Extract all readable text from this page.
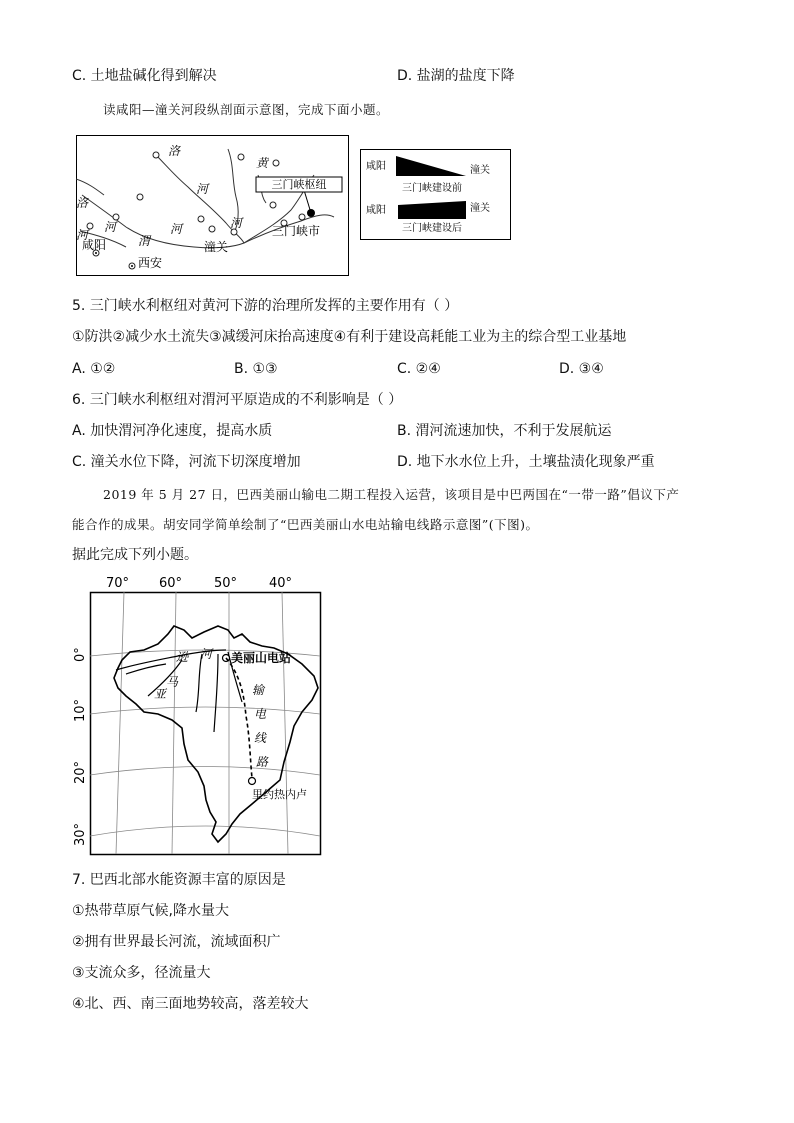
C. 土地盐碱化得到解决	D. 盐湖的盐度下降
读咸阳—潼关河段纵剖面示意图，完成下面小题。
三门峡枢纽
洛
黄
河
洛
河	河
渭
河
河
咸阳
西安
潼关
三门峡市
咸阳	潼关
三门峡建设前
咸阳	潼关
三门峡建设后
5. 三门峡水利枢纽对黄河下游的治理所发挥的主要作用有（ ）
①防洪②减少水土流失③减缓河床抬高速度④有利于建设高耗能工业为主的综合型工业基地
A. ①②	B. ①③	C. ②④	D. ③④
6. 三门峡水利枢纽对渭河平原造成的不利影响是（ ）
A. 加快渭河净化速度，提高水质	B. 渭河流速加快，不利于发展航运
C. 潼关水位下降，河流下切深度增加	D. 地下水水位上升，土壤盐渍化现象严重
2019 年 5 月 27 日，巴西美丽山输电二期工程投入运营，该项目是中巴两国在“一带一路”倡议下产
能合作的成果。胡安同学简单绘制了“巴西美丽山水电站输电线路示意图”(下图)。
据此完成下列小题。
70° 60° 50° 40°
0°
10°
20°
30°
美丽山电站
里约热内卢
马
亚
逊 河
输
电
线
路
7. 巴西北部水能资源丰富的原因是
①热带草原气候,降水量大
②拥有世界最长河流，流域面积广
③支流众多，径流量大
④北、西、南三面地势较高，落差较大
